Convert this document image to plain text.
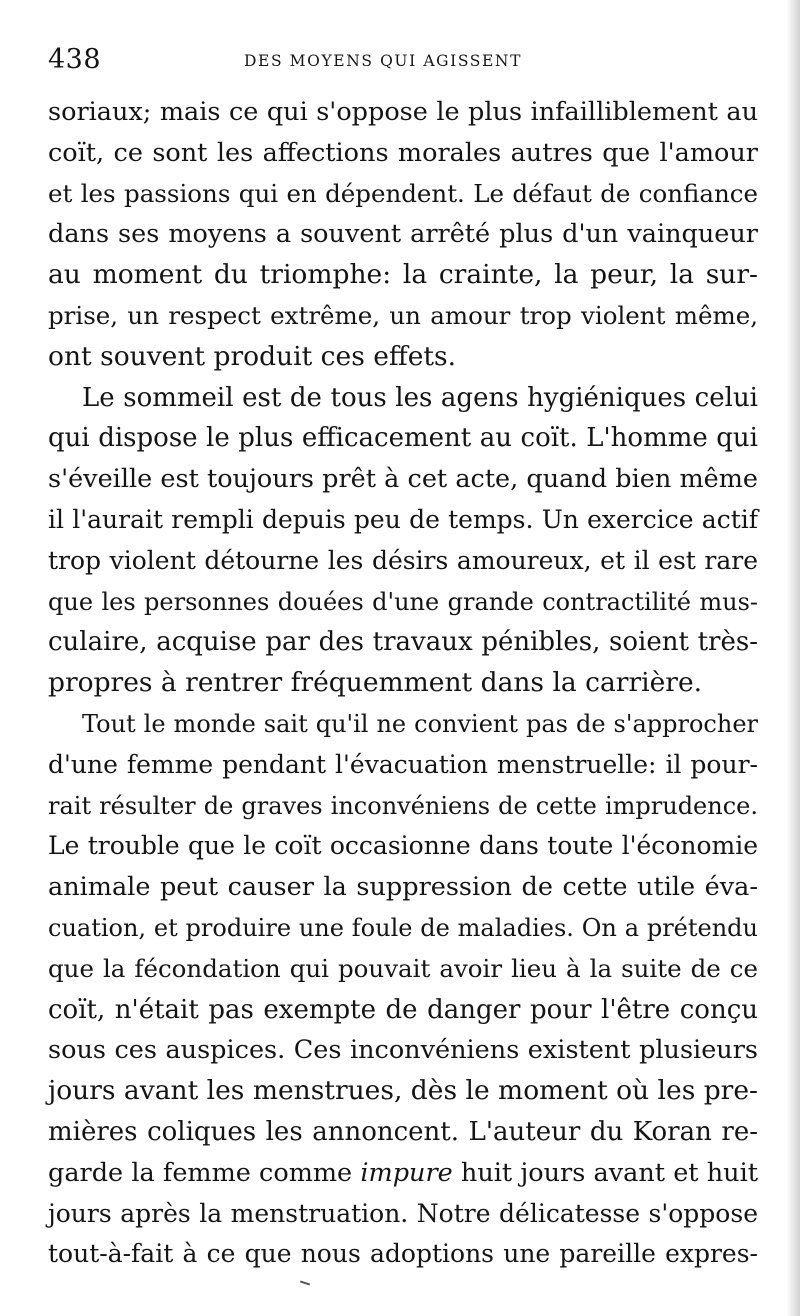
438	DES MOYENS QUI AGISSENT
soriaux; mais ce qui s'oppose le plus infailliblement au
coït, ce sont les affections morales autres que l'amour
et les passions qui en dépendent. Le défaut de confiance
dans ses moyens a souvent arrêté plus d'un vainqueur
au moment du triomphe: la crainte, la peur, la sur-
prise, un respect extrême, un amour trop violent même,
ont souvent produit ces effets.
Le sommeil est de tous les agens hygiéniques celui
qui dispose le plus efficacement au coït. L'homme qui
s'éveille est toujours prêt à cet acte, quand bien même
il l'aurait rempli depuis peu de temps. Un exercice actif
trop violent détourne les désirs amoureux, et il est rare
que les personnes douées d'une grande contractilité mus-
culaire, acquise par des travaux pénibles, soient très-
propres à rentrer fréquemment dans la carrière.
Tout le monde sait qu'il ne convient pas de s'approcher
d'une femme pendant l'évacuation menstruelle: il pour-
rait résulter de graves inconvéniens de cette imprudence.
Le trouble que le coït occasionne dans toute l'économie
animale peut causer la suppression de cette utile éva-
cuation, et produire une foule de maladies. On a prétendu
que la fécondation qui pouvait avoir lieu à la suite de ce
coït, n'était pas exempte de danger pour l'être conçu
sous ces auspices. Ces inconvéniens existent plusieurs
jours avant les menstrues, dès le moment où les pre-
mières coliques les annoncent. L'auteur du Koran re-
garde la femme comme impure huit jours avant et huit
jours après la menstruation. Notre délicatesse s'oppose
tout-à-fait à ce que nous adoptions une pareille expres-
